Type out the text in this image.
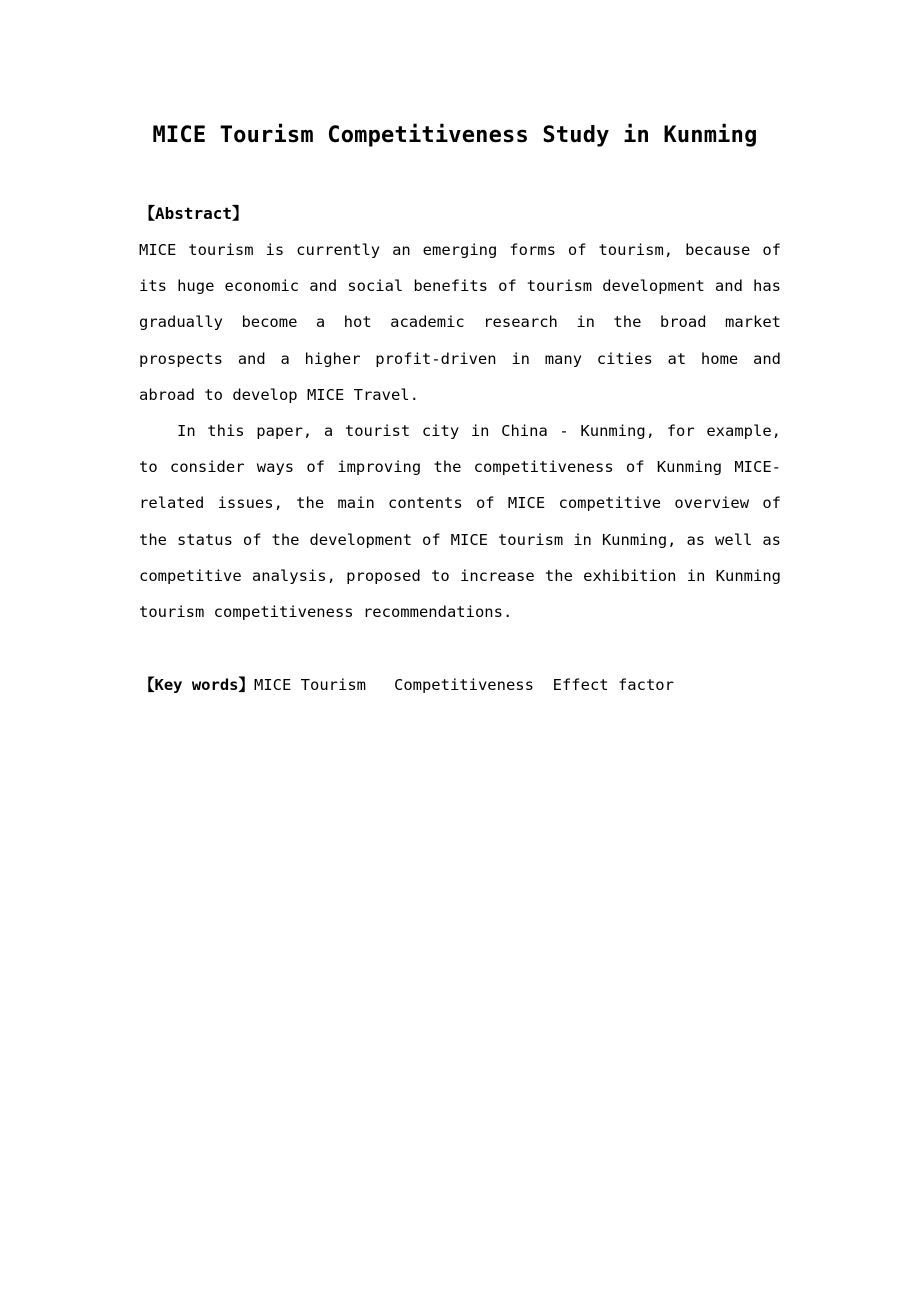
MICE Tourism Competitiveness Study in Kunming
【Abstract】

MICE tourism is currently an emerging forms of tourism, because of its huge economic and social benefits of tourism development and has gradually become a hot academic research in the broad market prospects and a higher profit-driven in many cities at home and abroad to develop MICE Travel.

In this paper, a tourist city in China - Kunming, for example, to consider ways of improving the competitiveness of Kunming MICE-related issues, the main contents of MICE competitive overview of the status of the development of MICE tourism in Kunming, as well as competitive analysis, proposed to increase the exhibition in Kunming tourism competitiveness recommendations.

【Key words】MICE Tourism Competitiveness Effect factor
